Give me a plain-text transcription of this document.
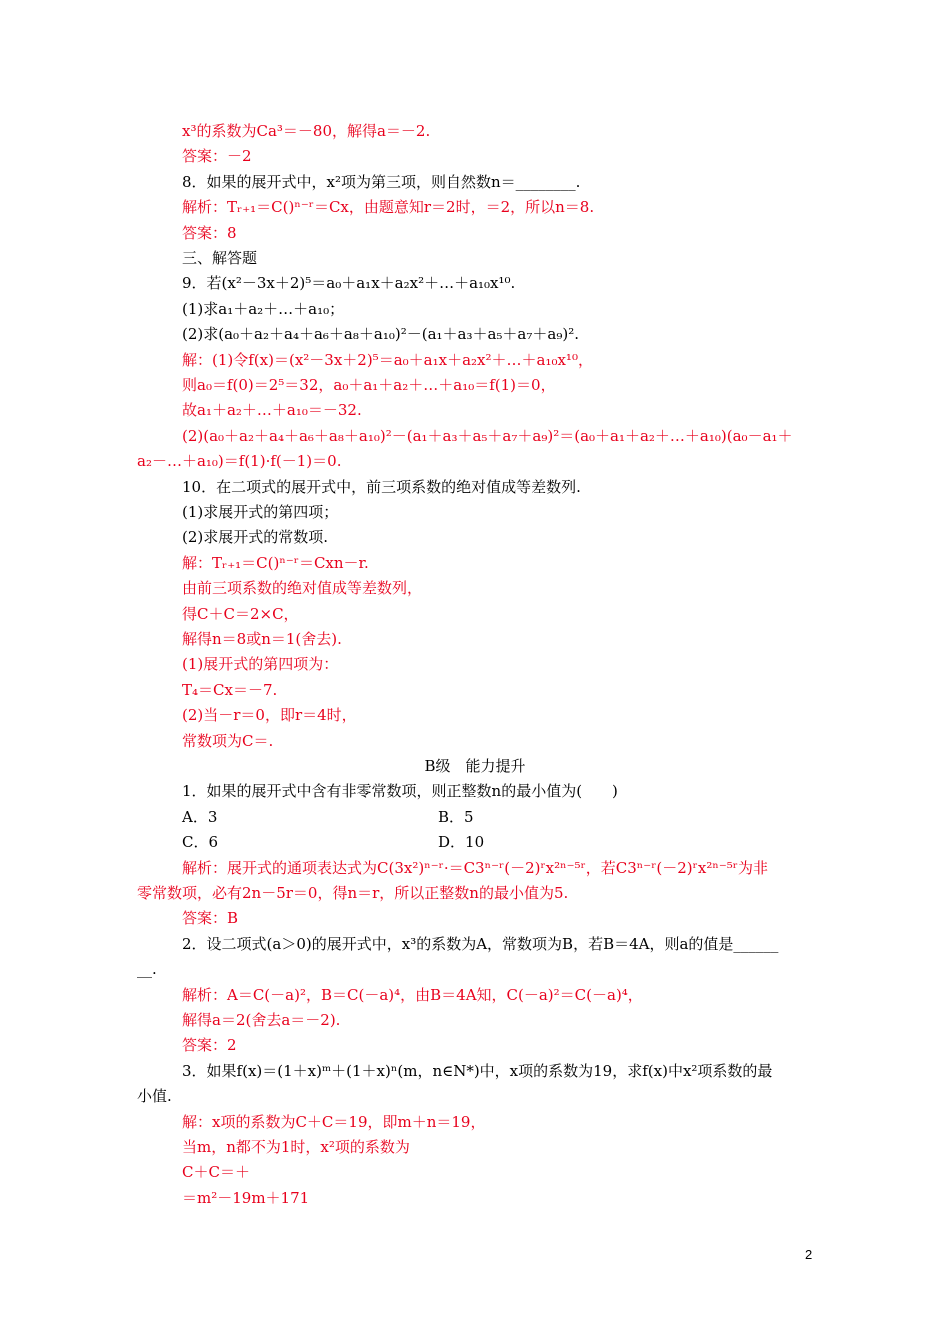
x³的系数为Ca³＝－80，解得a＝－2.
答案：－2
8．如果的展开式中，x²项为第三项，则自然数n＝________.
解析：Tᵣ₊₁＝C()ⁿ⁻ʳ＝Cx，由题意知r＝2时，＝2，所以n＝8.
答案：8
三、解答题
9．若(x²－3x＋2)⁵＝a₀＋a₁x＋a₂x²＋…＋a₁₀x¹⁰.
(1)求a₁＋a₂＋…＋a₁₀；
(2)求(a₀＋a₂＋a₄＋a₆＋a₈＋a₁₀)²－(a₁＋a₃＋a₅＋a₇＋a₉)².
解：(1)令f(x)＝(x²－3x＋2)⁵＝a₀＋a₁x＋a₂x²＋…＋a₁₀x¹⁰，
则a₀＝f(0)＝2⁵＝32，a₀＋a₁＋a₂＋…＋a₁₀＝f(1)＝0，
故a₁＋a₂＋…＋a₁₀＝－32.
(2)(a₀＋a₂＋a₄＋a₆＋a₈＋a₁₀)²－(a₁＋a₃＋a₅＋a₇＋a₉)²＝(a₀＋a₁＋a₂＋…＋a₁₀)(a₀－a₁＋
a₂－…＋a₁₀)＝f(1)·f(－1)＝0.
10．在二项式的展开式中，前三项系数的绝对值成等差数列.
(1)求展开式的第四项；
(2)求展开式的常数项.
解：Tᵣ₊₁＝C()ⁿ⁻ʳ＝Cxn－r.
由前三项系数的绝对值成等差数列，
得C＋C＝2×C，
解得n＝8或n＝1(舍去).
(1)展开式的第四项为：
T₄＝Cx＝－7.
(2)当－r＝0，即r＝4时，
常数项为C＝.
B级　能力提升
1．如果的展开式中含有非零常数项，则正整数n的最小值为(　　)
A．3	B．5
C．6	D．10
解析：展开式的通项表达式为C(3x²)ⁿ⁻ʳ·＝C3ⁿ⁻ʳ(－2)ʳx²ⁿ⁻⁵ʳ，若C3ⁿ⁻ʳ(－2)ʳx²ⁿ⁻⁵ʳ为非
零常数项，必有2n－5r＝0，得n＝r，所以正整数n的最小值为5.
答案：B
2．设二项式(a＞0)的展开式中，x³的系数为A，常数项为B，若B＝4A，则a的值是______
__.
解析：A＝C(－a)²，B＝C(－a)⁴，由B＝4A知，C(－a)²＝C(－a)⁴，
解得a＝2(舍去a＝－2).
答案：2
3．如果f(x)＝(1＋x)ᵐ＋(1＋x)ⁿ(m，n∈N*)中，x项的系数为19，求f(x)中x²项系数的最
小值.
解：x项的系数为C＋C＝19，即m＋n＝19，
当m，n都不为1时，x²项的系数为
C＋C＝＋
＝m²－19m＋171
2
